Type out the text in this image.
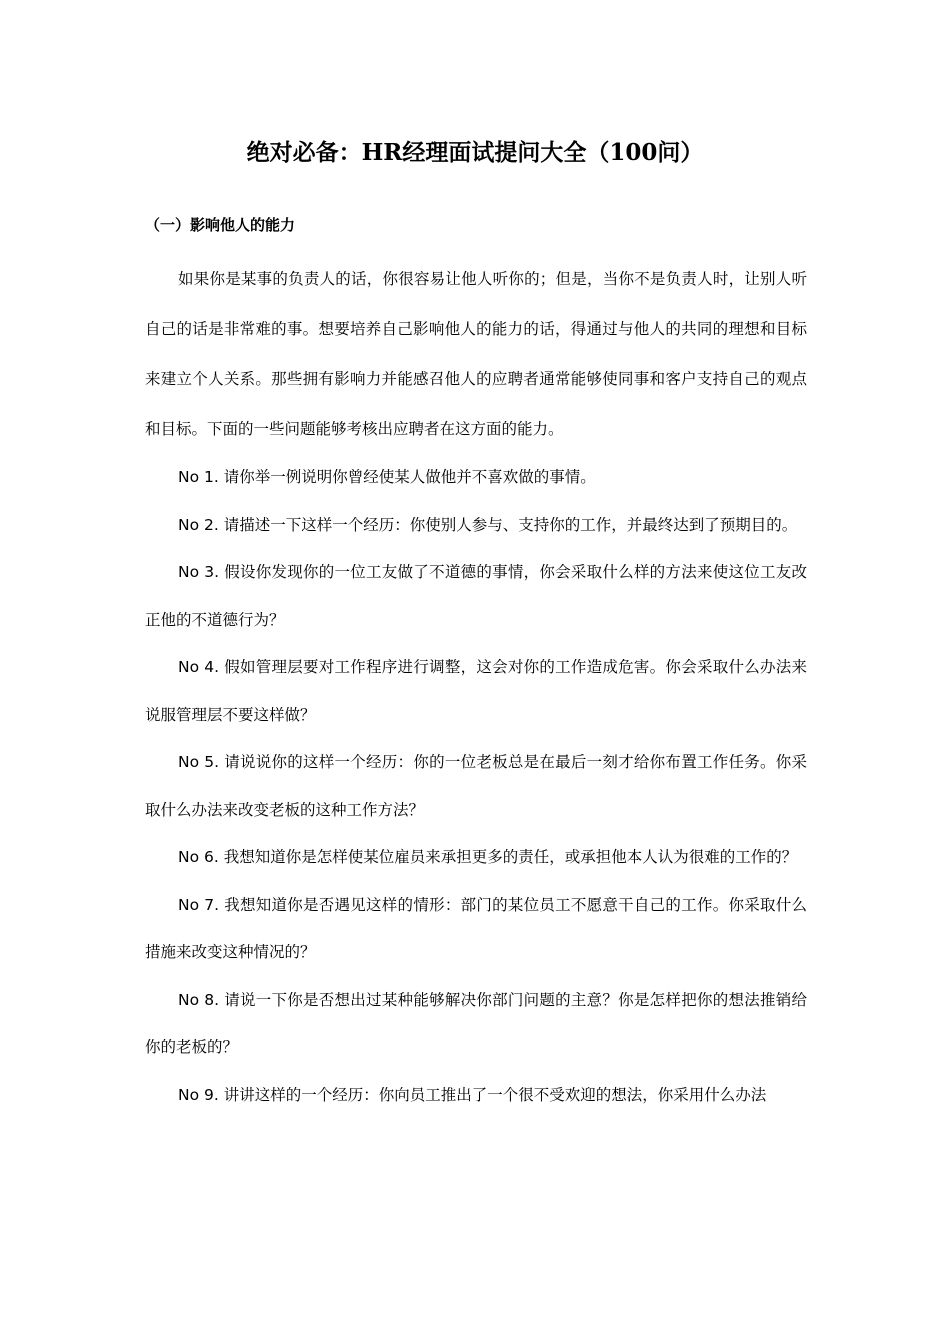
绝对必备：HR经理面试提问大全（100问）
（一）影响他人的能力

如果你是某事的负责人的话，你很容易让他人听你的；但是，当你不是负责人时，让别人听自己的话是非常难的事。想要培养自己影响他人的能力的话，得通过与他人的共同的理想和目标来建立个人关系。那些拥有影响力并能感召他人的应聘者通常能够使同事和客户支持自己的观点和目标。下面的一些问题能够考核出应聘者在这方面的能力。

No 1. 请你举一例说明你曾经使某人做他并不喜欢做的事情。

No 2. 请描述一下这样一个经历：你使别人参与、支持你的工作，并最终达到了预期目的。

No 3. 假设你发现你的一位工友做了不道德的事情，你会采取什么样的方法来使这位工友改正他的不道德行为？

No 4. 假如管理层要对工作程序进行调整，这会对你的工作造成危害。你会采取什么办法来说服管理层不要这样做？

No 5. 请说说你的这样一个经历：你的一位老板总是在最后一刻才给你布置工作任务。你采取什么办法来改变老板的这种工作方法？

No 6. 我想知道你是怎样使某位雇员来承担更多的责任，或承担他本人认为很难的工作的？

No 7. 我想知道你是否遇见这样的情形：部门的某位员工不愿意干自己的工作。你采取什么措施来改变这种情况的？

No 8. 请说一下你是否想出过某种能够解决你部门问题的主意？你是怎样把你的想法推销给你的老板的？

No 9. 讲讲这样的一个经历：你向员工推出了一个很不受欢迎的想法，你采用什么办法
